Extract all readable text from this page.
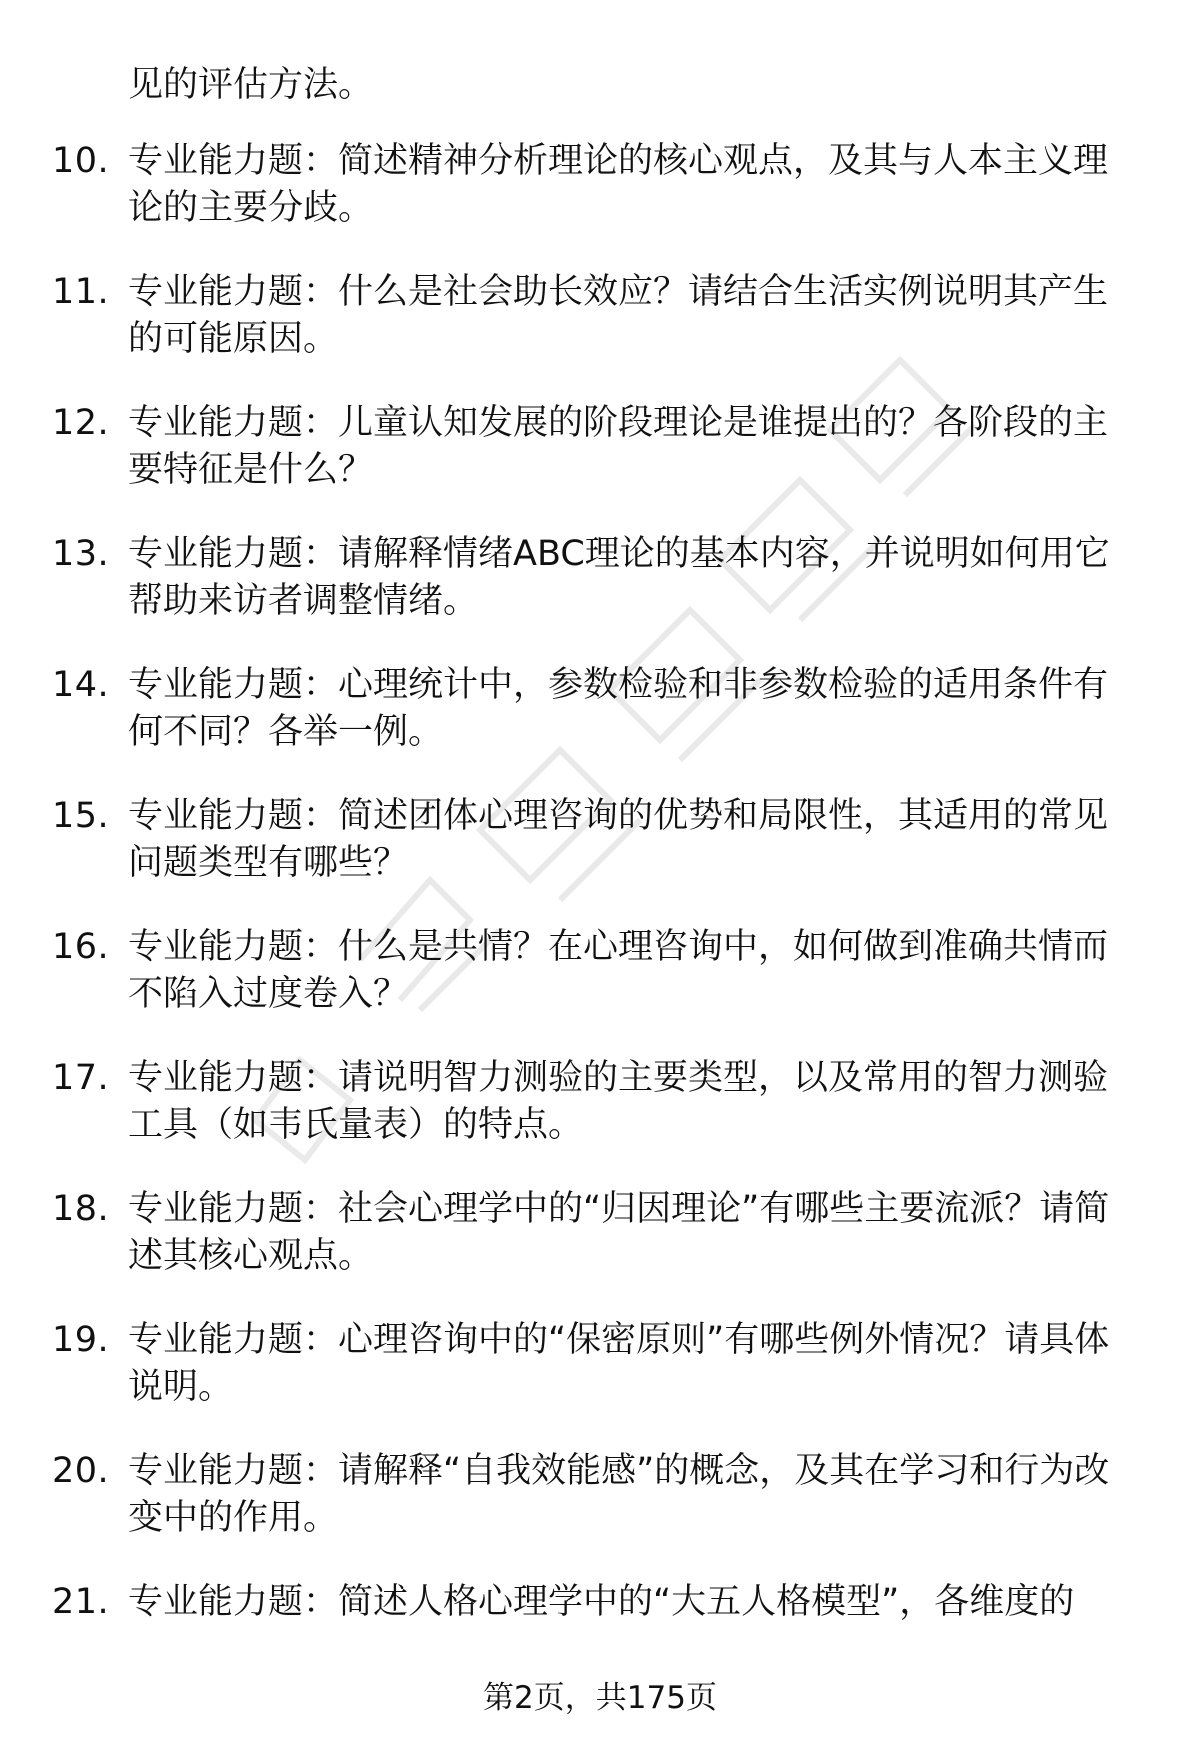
见的评估方法。

10. 专业能力题：简述精神分析理论的核心观点，及其与人本主义理论的主要分歧。
11. 专业能力题：什么是社会助长效应？请结合生活实例说明其产生的可能原因。
12. 专业能力题：儿童认知发展的阶段理论是谁提出的？各阶段的主要特征是什么？
13. 专业能力题：请解释情绪ABC理论的基本内容，并说明如何用它帮助来访者调整情绪。
14. 专业能力题：心理统计中，参数检验和非参数检验的适用条件有何不同？各举一例。
15. 专业能力题：简述团体心理咨询的优势和局限性，其适用的常见问题类型有哪些？
16. 专业能力题：什么是共情？在心理咨询中，如何做到准确共情而不陷入过度卷入？
17. 专业能力题：请说明智力测验的主要类型，以及常用的智力测验工具（如韦氏量表）的特点。
18. 专业能力题：社会心理学中的“归因理论”有哪些主要流派？请简述其核心观点。
19. 专业能力题：心理咨询中的“保密原则”有哪些例外情况？请具体说明。
20. 专业能力题：请解释“自我效能感”的概念，及其在学习和行为改变中的作用。
21. 专业能力题：简述人格心理学中的“大五人格模型”，各维度的
第2页，共175页
